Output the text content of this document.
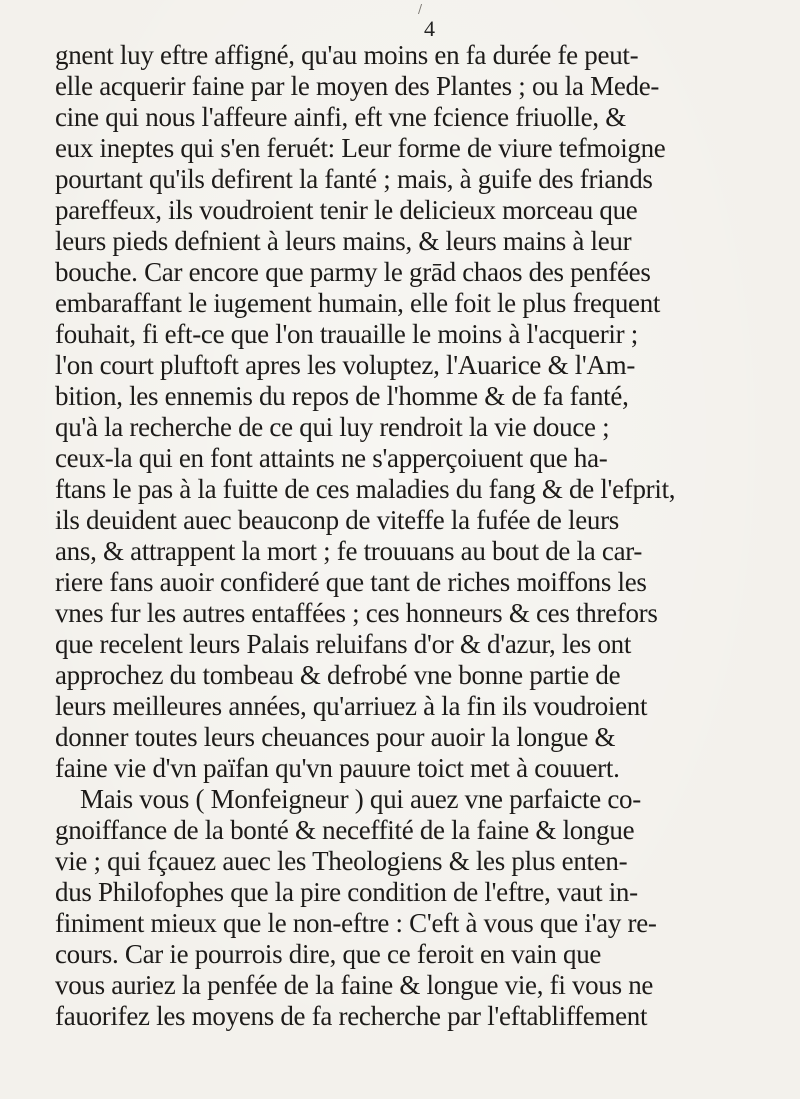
/
4
gnent luy eftre affigné, qu'au moins en fa durée fe peut-
elle acquerir faine par le moyen des Plantes ; ou la Mede-
cine qui nous l'affeure ainfi, eft vne fcience friuolle, &
eux ineptes qui s'en feruét: Leur forme de viure tefmoigne
pourtant qu'ils defirent la fanté ; mais, à guife des friands
pareffeux, ils voudroient tenir le delicieux morceau que
leurs pieds defnient à leurs mains, & leurs mains à leur
bouche. Car encore que parmy le grād chaos des penfées
embaraffant le iugement humain, elle foit le plus frequent
fouhait, fi eft-ce que l'on trauaille le moins à l'acquerir ;
l'on court pluftoft apres les voluptez, l'Auarice & l'Am-
bition, les ennemis du repos de l'homme & de fa fanté,
qu'à la recherche de ce qui luy rendroit la vie douce ;
ceux-la qui en font attaints ne s'apperçoiuent que ha-
ftans le pas à la fuitte de ces maladies du fang & de l'efprit,
ils deuident auec beauconp de viteffe la fufée de leurs
ans, & attrappent la mort ; fe trouuans au bout de la car-
riere fans auoir confideré que tant de riches moiffons les
vnes fur les autres entaffées ; ces honneurs & ces threfors
que recelent leurs Palais reluifans d'or & d'azur, les ont
approchez du tombeau & defrobé vne bonne partie de
leurs meilleures années, qu'arriuez à la fin ils voudroient
donner toutes leurs cheuances pour auoir la longue &
faine vie d'vn païfan qu'vn pauure toict met à couuert.
Mais vous ( Monfeigneur ) qui auez vne parfaicte co-
gnoiffance de la bonté & neceffité de la faine & longue
vie ; qui fçauez auec les Theologiens & les plus enten-
dus Philofophes que la pire condition de l'eftre, vaut in-
finiment mieux que le non-eftre : C'eft à vous que i'ay re-
cours. Car ie pourrois dire, que ce feroit en vain que
vous auriez la penfée de la faine & longue vie, fi vous ne
fauorifez les moyens de fa recherche par l'eftabliffement
